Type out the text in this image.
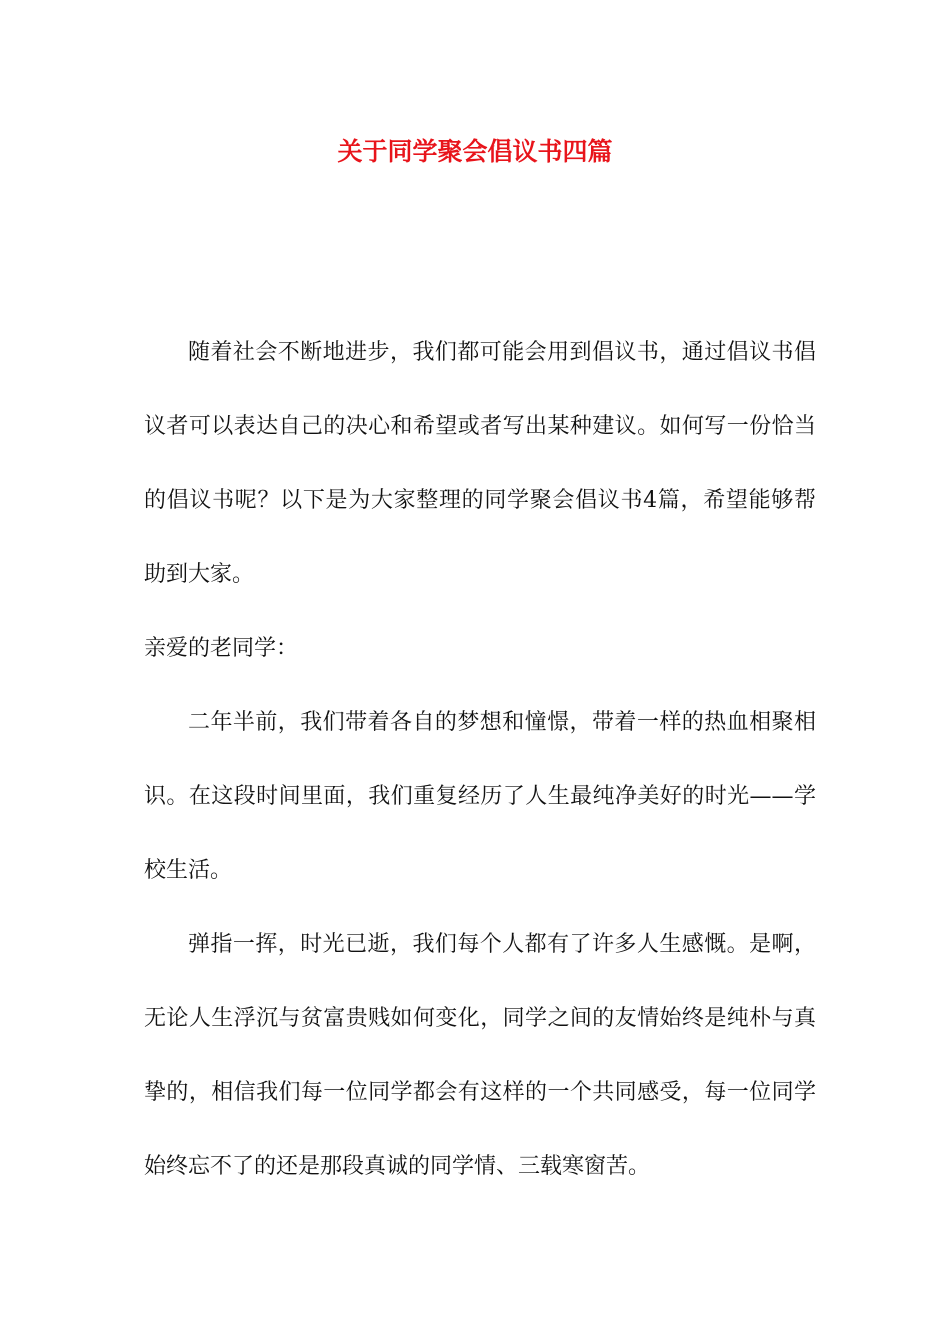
关于同学聚会倡议书四篇

随着社会不断地进步，我们都可能会用到倡议书，通过倡议书倡议者可以表达自己的决心和希望或者写出某种建议。如何写一份恰当的倡议书呢？以下是为大家整理的同学聚会倡议书4篇，希望能够帮助到大家。

亲爱的老同学：

二年半前，我们带着各自的梦想和憧憬，带着一样的热血相聚相识。在这段时间里面，我们重复经历了人生最纯净美好的时光——学校生活。

弹指一挥，时光已逝，我们每个人都有了许多人生感慨。是啊，无论人生浮沉与贫富贵贱如何变化，同学之间的友情始终是纯朴与真挚的，相信我们每一位同学都会有这样的一个共同感受，每一位同学始终忘不了的还是那段真诚的同学情、三载寒窗苦。
